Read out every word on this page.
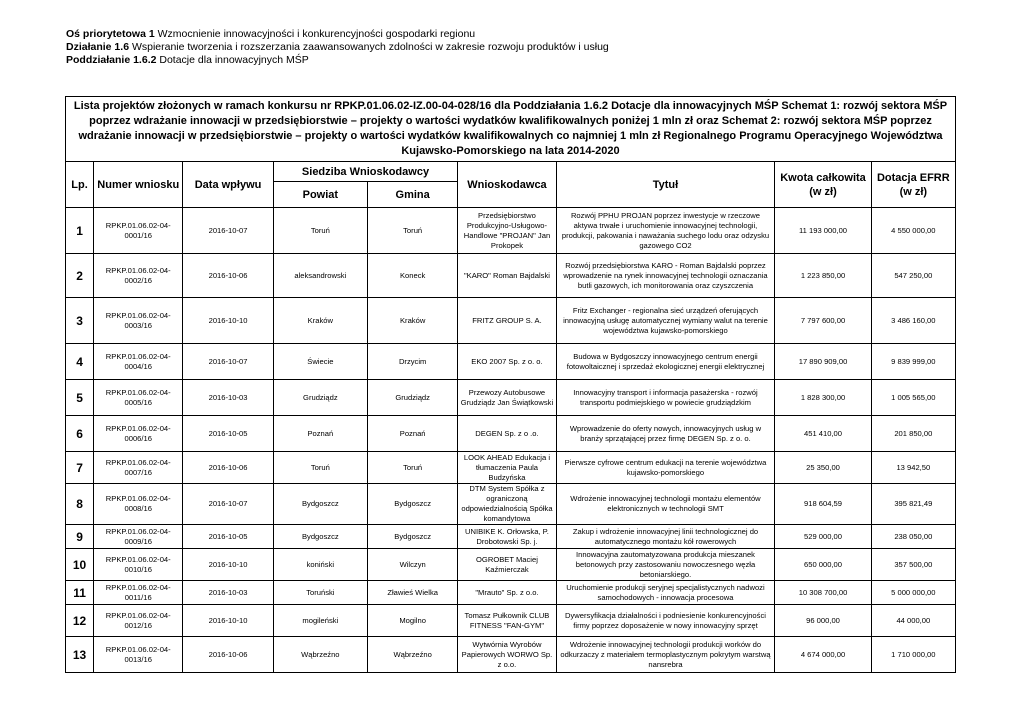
Oś priorytetowa 1 Wzmocnienie innowacyjności i konkurencyjności gospodarki regionu
Działanie 1.6 Wspieranie tworzenia i rozszerzania zaawansowanych zdolności w zakresie rozwoju produktów i usług
Poddziałanie 1.6.2 Dotacje dla innowacyjnych MŚP
Lista projektów złożonych w ramach konkursu nr RPKP.01.06.02-IZ.00-04-028/16 dla Poddziałania 1.6.2 Dotacje dla innowacyjnych MŚP Schemat 1: rozwój sektora MŚP poprzez wdrażanie innowacji w przedsiębiorstwie – projekty o wartości wydatków kwalifikowalnych poniżej 1 mln zł oraz Schemat 2: rozwój sektora MŚP poprzez wdrażanie innowacji w przedsiębiorstwie – projekty o wartości wydatków kwalifikowalnych co najmniej 1 mln zł Regionalnego Programu Operacyjnego Województwa Kujawsko-Pomorskiego na lata 2014-2020								
Lp.	Numer wniosku	Data wpływu	Siedziba Wnioskodawcy		Wnioskodawca	Tytuł	Kwota całkowita (w zł)	Dotacja EFRR (w zł)
			Powiat	Gmina				
1	RPKP.01.06.02-04-0001/16	2016-10-07	Toruń	Toruń	Przedsiębiorstwo Produkcyjno-Usługowo-Handlowe "PROJAN" Jan Prokopek	Rozwój PPHU PROJAN poprzez inwestycje w rzeczowe aktywa trwałe i uruchomienie innowacyjnej technologii, produkcji, pakowania i naważania suchego lodu oraz odzysku gazowego CO2	11 193 000,00	4 550 000,00
2	RPKP.01.06.02-04-0002/16	2016-10-06	aleksandrowski	Koneck	"KARO" Roman Bajdalski	Rozwój przedsiębiorstwa KARO - Roman Bajdalski poprzez wprowadzenie na rynek innowacyjnej technologii oznaczania butli gazowych, ich monitorowania oraz czyszczenia	1 223 850,00	547 250,00
3	RPKP.01.06.02-04-0003/16	2016-10-10	Kraków	Kraków	FRITZ GROUP S. A.	Fritz Exchanger - regionalna sieć urządzeń oferujących innowacyjną usługę automatycznej wymiany walut na terenie województwa kujawsko-pomorskiego	7 797 600,00	3 486 160,00
4	RPKP.01.06.02-04-0004/16	2016-10-07	Świecie	Drzycim	EKO 2007 Sp. z o. o.	Budowa w Bydgoszczy innowacyjnego centrum energii fotowoltaicznej i sprzedaż ekologicznej energii elektrycznej	17 890 909,00	9 839 999,00
5	RPKP.01.06.02-04-0005/16	2016-10-03	Grudziądz	Grudziądz	Przewozy Autobusowe Grudziądz Jan Świątkowski	Innowacyjny transport i informacja pasażerska - rozwój transportu podmiejskiego w powiecie grudziądzkim	1 828 300,00	1 005 565,00
6	RPKP.01.06.02-04-0006/16	2016-10-05	Poznań	Poznań	DEGEN Sp. z o .o.	Wprowadzenie do oferty nowych, innowacyjnych usług w branży sprzątającej przez firmę DEGEN Sp. z o. o.	451 410,00	201 850,00
7	RPKP.01.06.02-04-0007/16	2016-10-06	Toruń	Toruń	LOOK AHEAD Edukacja i tłumaczenia Paula Budzyńska	Pierwsze cyfrowe centrum edukacji na terenie województwa kujawsko-pomorskiego	25 350,00	13 942,50
8	RPKP.01.06.02-04-0008/16	2016-10-07	Bydgoszcz	Bydgoszcz	DTM System Spółka z ograniczoną odpowiedzialnością Spółka komandytowa	Wdrożenie innowacyjnej technologii montażu elementów elektronicznych w technologii SMT	918 604,59	395 821,49
9	RPKP.01.06.02-04-0009/16	2016-10-05	Bydgoszcz	Bydgoszcz	UNIBIKE K. Orłowska, P. Drobotowski Sp. j.	Zakup i wdrożenie innowacyjnej linii technologicznej do automatycznego montażu kół rowerowych	529 000,00	238 050,00
10	RPKP.01.06.02-04-0010/16	2016-10-10	koniński	Wilczyn	OGROBET Maciej Kaźmierczak	Innowacyjna zautomatyzowana produkcja mieszanek betonowych przy zastosowaniu nowoczesnego węzła betoniarskiego.	650 000,00	357 500,00
11	RPKP.01.06.02-04-0011/16	2016-10-03	Toruński	Zławieś Wielka	"Mrauto" Sp. z o.o.	Uruchomienie produkcji seryjnej specjalistycznych nadwozi samochodowych - innowacja procesowa	10 308 700,00	5 000 000,00
12	RPKP.01.06.02-04-0012/16	2016-10-10	mogileński	Mogilno	Tomasz Pułkownik CLUB FITNESS "FAN-GYM"	Dywersyfikacja działalności i podniesienie konkurencyjności firmy poprzez doposażenie w nowy innowacyjny sprzęt	96 000,00	44 000,00
13	RPKP.01.06.02-04-0013/16	2016-10-06	Wąbrzeźno	Wąbrzeźno	Wytwórnia Wyrobów Papierowych WORWO Sp. z o.o.	Wdrożenie innowacyjnej technologii produkcji worków do odkurzaczy z materiałem termoplastycznym pokrytym warstwą nansrebra	4 674 000,00	1 710 000,00
